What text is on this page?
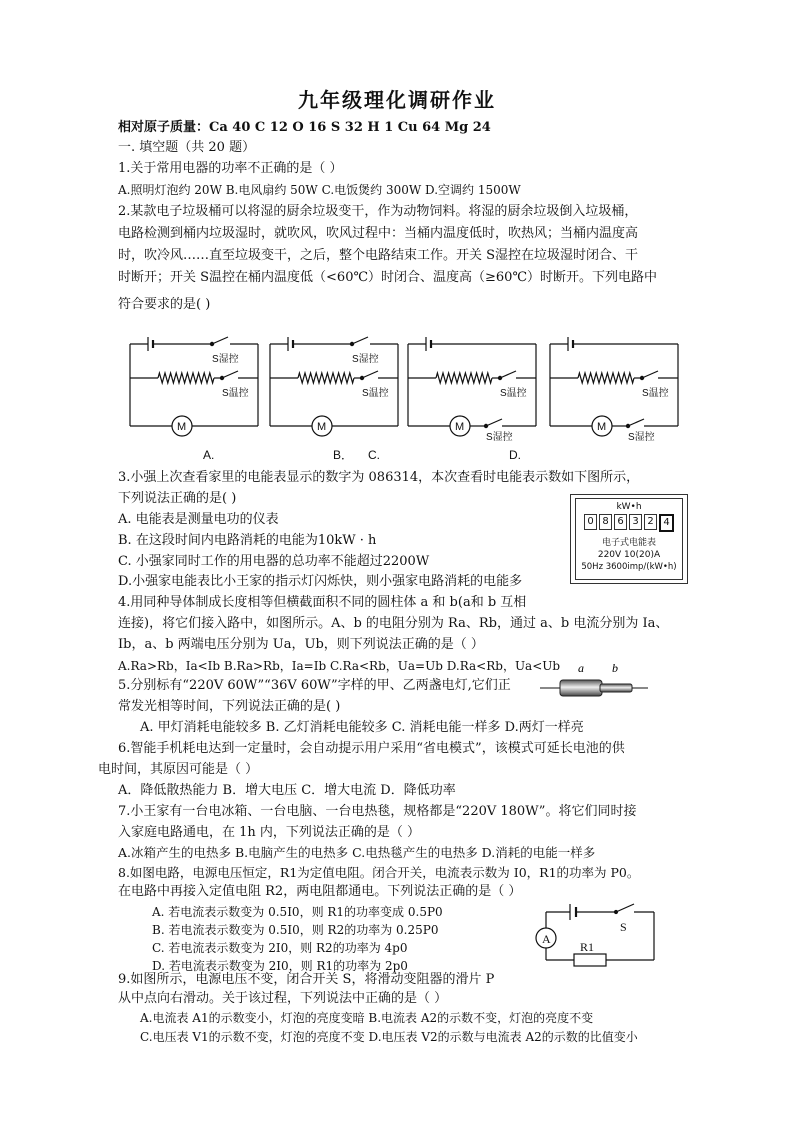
九年级理化调研作业
相对原子质量：Ca 40 C 12 O 16 S 32 H 1 Cu 64 Mg 24
一. 填空题（共 20 题）
1.关于常用电器的功率不正确的是（ ）
A.照明灯泡约 20W B.电风扇约 50W C.电饭煲约 300W D.空调约 1500W
2.某款电子垃圾桶可以将湿的厨余垃圾变干，作为动物饲料。将湿的厨余垃圾倒入垃圾桶，
电路检测到桶内垃圾湿时，就吹风，吹风过程中：当桶内温度低时，吹热风；当桶内温度高
时，吹冷风……直至垃圾变干，之后，整个电路结束工作。开关 S湿控在垃圾湿时闭合、干
时断开；开关 S温控在桶内温度低（<60℃）时闭合、温度高（≥60℃）时断开。下列电路中
符合要求的是( )
M
S湿控
S温控
M
S湿控
S温控
M
S温控
S湿控
M
S温控
S湿控
A.	B． C.	D.
3.小强上次查看家里的电能表显示的数字为 086314，本次查看时电能表示数如下图所示，
下列说法正确的是( )
A. 电能表是测量电功的仪表
B. 在这段时间内电路消耗的电能为10kW · h
C. 小强家同时工作的用电器的总功率不能超过2200W
D.小强家电能表比小王家的指示灯闪烁快，则小强家电路消耗的电能多
kW•h
0 8 6 3 2 4
电子式电能表
220V 10(20)A
50Hz 3600imp/(kW•h)
4.用同种导体制成长度相等但横截面积不同的圆柱体 a 和 b(a和 b 互相
连接)，将它们接入路中，如图所示。A、b 的电阻分别为 Ra、Rb，通过 a、b 电流分别为 Ia、
Ib，a、b 两端电压分别为 Ua，Ub，则下列说法正确的是（ ）
A.Ra>Rb，Ia<Ib B.Ra>Rb，Ia=Ib C.Ra<Rb，Ua=Ub D.Ra<Rb，Ua<Ub a b
5.分别标有“220V 60W”“36V 60W”字样的甲、乙两盏电灯,它们正
常发光相等时间，下列说法正确的是( )
A. 甲灯消耗电能较多 B. 乙灯消耗电能较多 C. 消耗电能一样多 D.两灯一样亮
6.智能手机耗电达到一定量时，会自动提示用户采用“省电模式”，该模式可延长电池的供
电时间，其原因可能是（ ）
A．降低散热能力 B．增大电压 C．增大电流 D．降低功率
7.小王家有一台电冰箱、一台电脑、一台电热毯，规格都是“220V 180W”。将它们同时接
入家庭电路通电，在 1h 内，下列说法正确的是（ ）
A.冰箱产生的电热多 B.电脑产生的电热多 C.电热毯产生的电热多 D.消耗的电能一样多
8.如图电路，电源电压恒定，R1为定值电阻。闭合开关，电流表示数为 I0，R1的功率为 P0。
在电路中再接入定值电阻 R2，两电阻都通电。下列说法正确的是（ ）
A. 若电流表示数变为 0.5I0，则 R1的功率变成 0.5P0
B. 若电流表示数变为 0.5I0，则 R2的功率为 0.25P0
C. 若电流表示数变为 2I0，则 R2的功率为 4p0
D. 若电流表示数变为 2I0，则 R1的功率为 2p0
A
S
R1
9.如图所示，电源电压不变，闭合开关 S，将滑动变阻器的滑片 P
从中点向右滑动。关于该过程，下列说法中正确的是（ ）
A.电流表 A1的示数变小，灯泡的亮度变暗 B.电流表 A2的示数不变，灯泡的亮度不变
C.电压表 V1的示数不变，灯泡的亮度不变 D.电压表 V2的示数与电流表 A2的示数的比值变小
